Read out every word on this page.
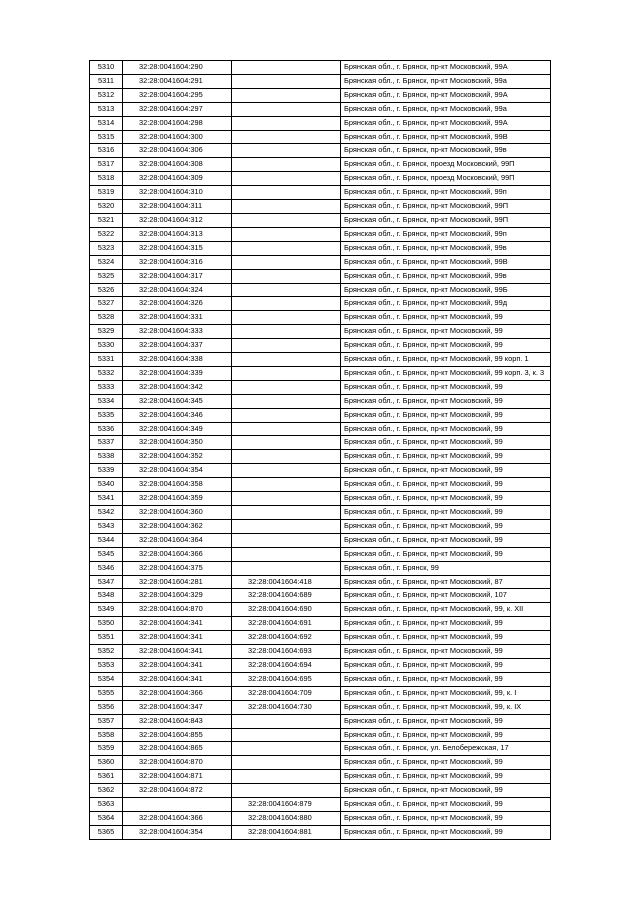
5310	32:28:0041604:290		Брянская обл., г. Брянск, пр-кт Московский, 99А
5311	32:28:0041604:291		Брянская обл., г. Брянск, пр-кт Московский, 99а
5312	32:28:0041604:295		Брянская обл., г. Брянск, пр-кт Московский, 99А
5313	32:28:0041604:297		Брянская обл., г. Брянск, пр-кт Московский, 99а
5314	32:28:0041604:298		Брянская обл., г. Брянск, пр-кт Московский, 99А
5315	32:28:0041604:300		Брянская обл., г. Брянск, пр-кт Московский, 99В
5316	32:28:0041604:306		Брянская обл., г. Брянск, пр-кт Московский, 99в
5317	32:28:0041604:308		Брянская обл., г. Брянск, проезд Московский, 99П
5318	32:28:0041604:309		Брянская обл., г. Брянск, проезд Московский, 99П
5319	32:28:0041604:310		Брянская обл., г. Брянск, пр-кт Московский, 99п
5320	32:28:0041604:311		Брянская обл., г. Брянск, пр-кт Московский, 99П
5321	32:28:0041604:312		Брянская обл., г. Брянск, пр-кт Московский, 99П
5322	32:28:0041604:313		Брянская обл., г. Брянск, пр-кт Московский, 99п
5323	32:28:0041604:315		Брянская обл., г. Брянск, пр-кт Московский, 99в
5324	32:28:0041604:316		Брянская обл., г. Брянск, пр-кт Московский, 99В
5325	32:28:0041604:317		Брянская обл., г. Брянск, пр-кт Московский, 99в
5326	32:28:0041604:324		Брянская обл., г. Брянск, пр-кт Московский, 99Б
5327	32:28:0041604:326		Брянская обл., г. Брянск, пр-кт Московский, 99д
5328	32:28:0041604:331		Брянская обл., г. Брянск, пр-кт Московский, 99
5329	32:28:0041604:333		Брянская обл., г. Брянск, пр-кт Московский, 99
5330	32:28:0041604:337		Брянская обл., г. Брянск, пр-кт Московский, 99
5331	32:28:0041604:338		Брянская обл., г. Брянск, пр-кт Московский, 99 корп. 1
5332	32:28:0041604:339		Брянская обл., г. Брянск, пр-кт Московский, 99 корп. 3, к. 3
5333	32:28:0041604:342		Брянская обл., г. Брянск, пр-кт Московский, 99
5334	32:28:0041604:345		Брянская обл., г. Брянск, пр-кт Московский, 99
5335	32:28:0041604:346		Брянская обл., г. Брянск, пр-кт Московский, 99
5336	32:28:0041604:349		Брянская обл., г. Брянск, пр-кт Московский, 99
5337	32:28:0041604:350		Брянская обл., г. Брянск, пр-кт Московский, 99
5338	32:28:0041604:352		Брянская обл., г. Брянск, пр-кт Московский, 99
5339	32:28:0041604:354		Брянская обл., г. Брянск, пр-кт Московский, 99
5340	32:28:0041604:358		Брянская обл., г. Брянск, пр-кт Московский, 99
5341	32:28:0041604:359		Брянская обл., г. Брянск, пр-кт Московский, 99
5342	32:28:0041604:360		Брянская обл., г. Брянск, пр-кт Московский, 99
5343	32:28:0041604:362		Брянская обл., г. Брянск, пр-кт Московский, 99
5344	32:28:0041604:364		Брянская обл., г. Брянск, пр-кт Московский, 99
5345	32:28:0041604:366		Брянская обл., г. Брянск, пр-кт Московский, 99
5346	32:28:0041604:375		Брянская обл., г. Брянск, 99
5347	32:28:0041604:281	32:28:0041604:418	Брянская обл., г. Брянск, пр-кт Московский, 87
5348	32:28:0041604:329	32:28:0041604:689	Брянская обл., г. Брянск, пр-кт Московский, 107
5349	32:28:0041604:870	32:28:0041604:690	Брянская обл., г. Брянск, пр-кт Московский, 99, к. XII
5350	32:28:0041604:341	32:28:0041604:691	Брянская обл., г. Брянск, пр-кт Московский, 99
5351	32:28:0041604:341	32:28:0041604:692	Брянская обл., г. Брянск, пр-кт Московский, 99
5352	32:28:0041604:341	32:28:0041604:693	Брянская обл., г. Брянск, пр-кт Московский, 99
5353	32:28:0041604:341	32:28:0041604:694	Брянская обл., г. Брянск, пр-кт Московский, 99
5354	32:28:0041604:341	32:28:0041604:695	Брянская обл., г. Брянск, пр-кт Московский, 99
5355	32:28:0041604:366	32:28:0041604:709	Брянская обл., г. Брянск, пр-кт Московский, 99, к. I
5356	32:28:0041604:347	32:28:0041604:730	Брянская обл., г. Брянск, пр-кт Московский, 99, к. IX
5357	32:28:0041604:843		Брянская обл., г. Брянск, пр-кт Московский, 99
5358	32:28:0041604:855		Брянская обл., г. Брянск, пр-кт Московский, 99
5359	32:28:0041604:865		Брянская обл., г. Брянск, ул. Белобережская, 17
5360	32:28:0041604:870		Брянская обл., г. Брянск, пр-кт Московский, 99
5361	32:28:0041604:871		Брянская обл., г. Брянск, пр-кт Московский, 99
5362	32:28:0041604:872		Брянская обл., г. Брянск, пр-кт Московский, 99
5363		32:28:0041604:879	Брянская обл., г. Брянск, пр-кт Московский, 99
5364	32:28:0041604:366	32:28:0041604:880	Брянская обл., г. Брянск, пр-кт Московский, 99
5365	32:28:0041604:354	32:28:0041604:881	Брянская обл., г. Брянск, пр-кт Московский, 99
